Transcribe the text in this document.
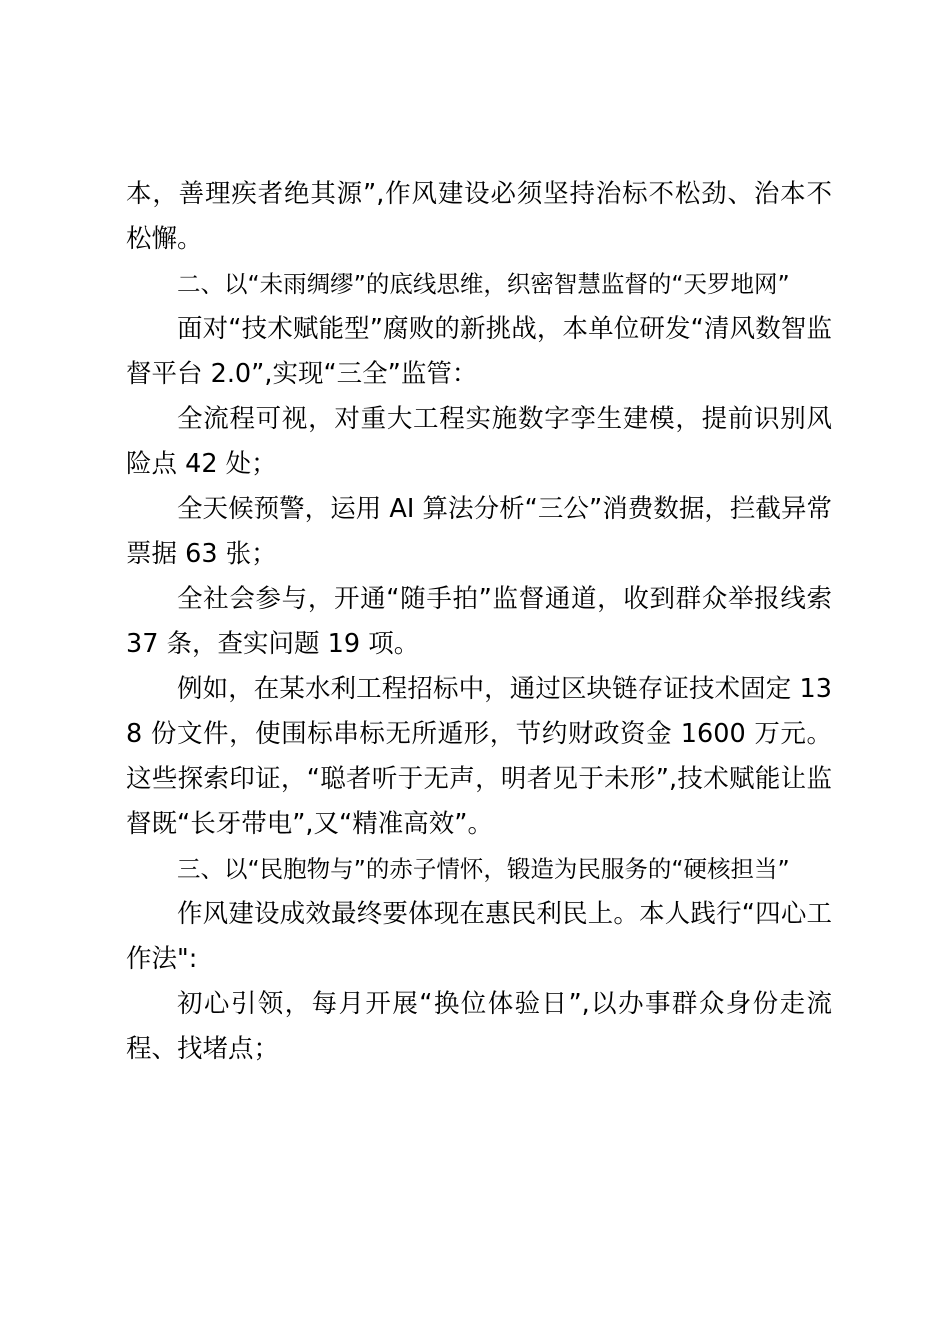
本，善理疾者绝其源”,作风建设必须坚持治标不松劲、治本不松懈。

二、以“未雨绸缪”的底线思维，织密智慧监督的“天罗地网”

面对“技术赋能型”腐败的新挑战，本单位研发“清风数智监督平台 2.0”,实现“三全”监管：

全流程可视，对重大工程实施数字孪生建模，提前识别风险点 42 处；

全天候预警，运用 AI 算法分析“三公”消费数据，拦截异常票据 63 张；

全社会参与，开通“随手拍”监督通道，收到群众举报线索 37 条，查实问题 19 项。

例如，在某水利工程招标中，通过区块链存证技术固定 138 份文件，使围标串标无所遁形，节约财政资金 1600 万元。这些探索印证，“聪者听于无声，明者见于未形”,技术赋能让监督既“长牙带电”,又“精准高效”。

三、以“民胞物与”的赤子情怀，锻造为民服务的“硬核担当”

作风建设成效最终要体现在惠民利民上。本人践行“四心工作法":

初心引领，每月开展“换位体验日”,以办事群众身份走流程、找堵点；
